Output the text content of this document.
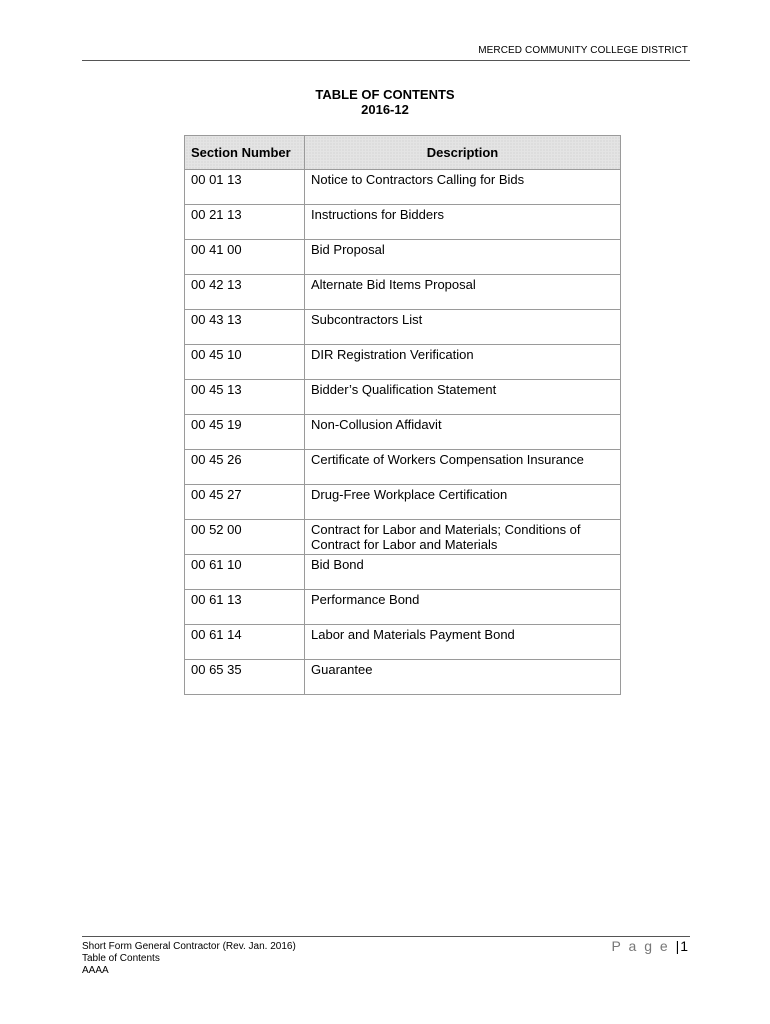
MERCED COMMUNITY COLLEGE DISTRICT
TABLE OF CONTENTS
2016-12
Section Number	Description
00 01 13	Notice to Contractors Calling for Bids
00 21 13	Instructions for Bidders
00 41 00	Bid Proposal
00 42 13	Alternate Bid Items Proposal
00 43 13	Subcontractors List
00 45 10	DIR Registration Verification
00 45 13	Bidder’s Qualification Statement
00 45 19	Non-Collusion Affidavit
00 45 26	Certificate of Workers Compensation Insurance
00 45 27	Drug-Free Workplace Certification
00 52 00	Contract for Labor and Materials; Conditions of Contract for Labor and Materials
00 61 10	Bid Bond
00 61 13	Performance Bond
00 61 14	Labor and Materials Payment Bond
00 65 35	Guarantee
Short Form General Contractor (Rev. Jan. 2016)
Table of Contents
AAAA
P a g e |1
